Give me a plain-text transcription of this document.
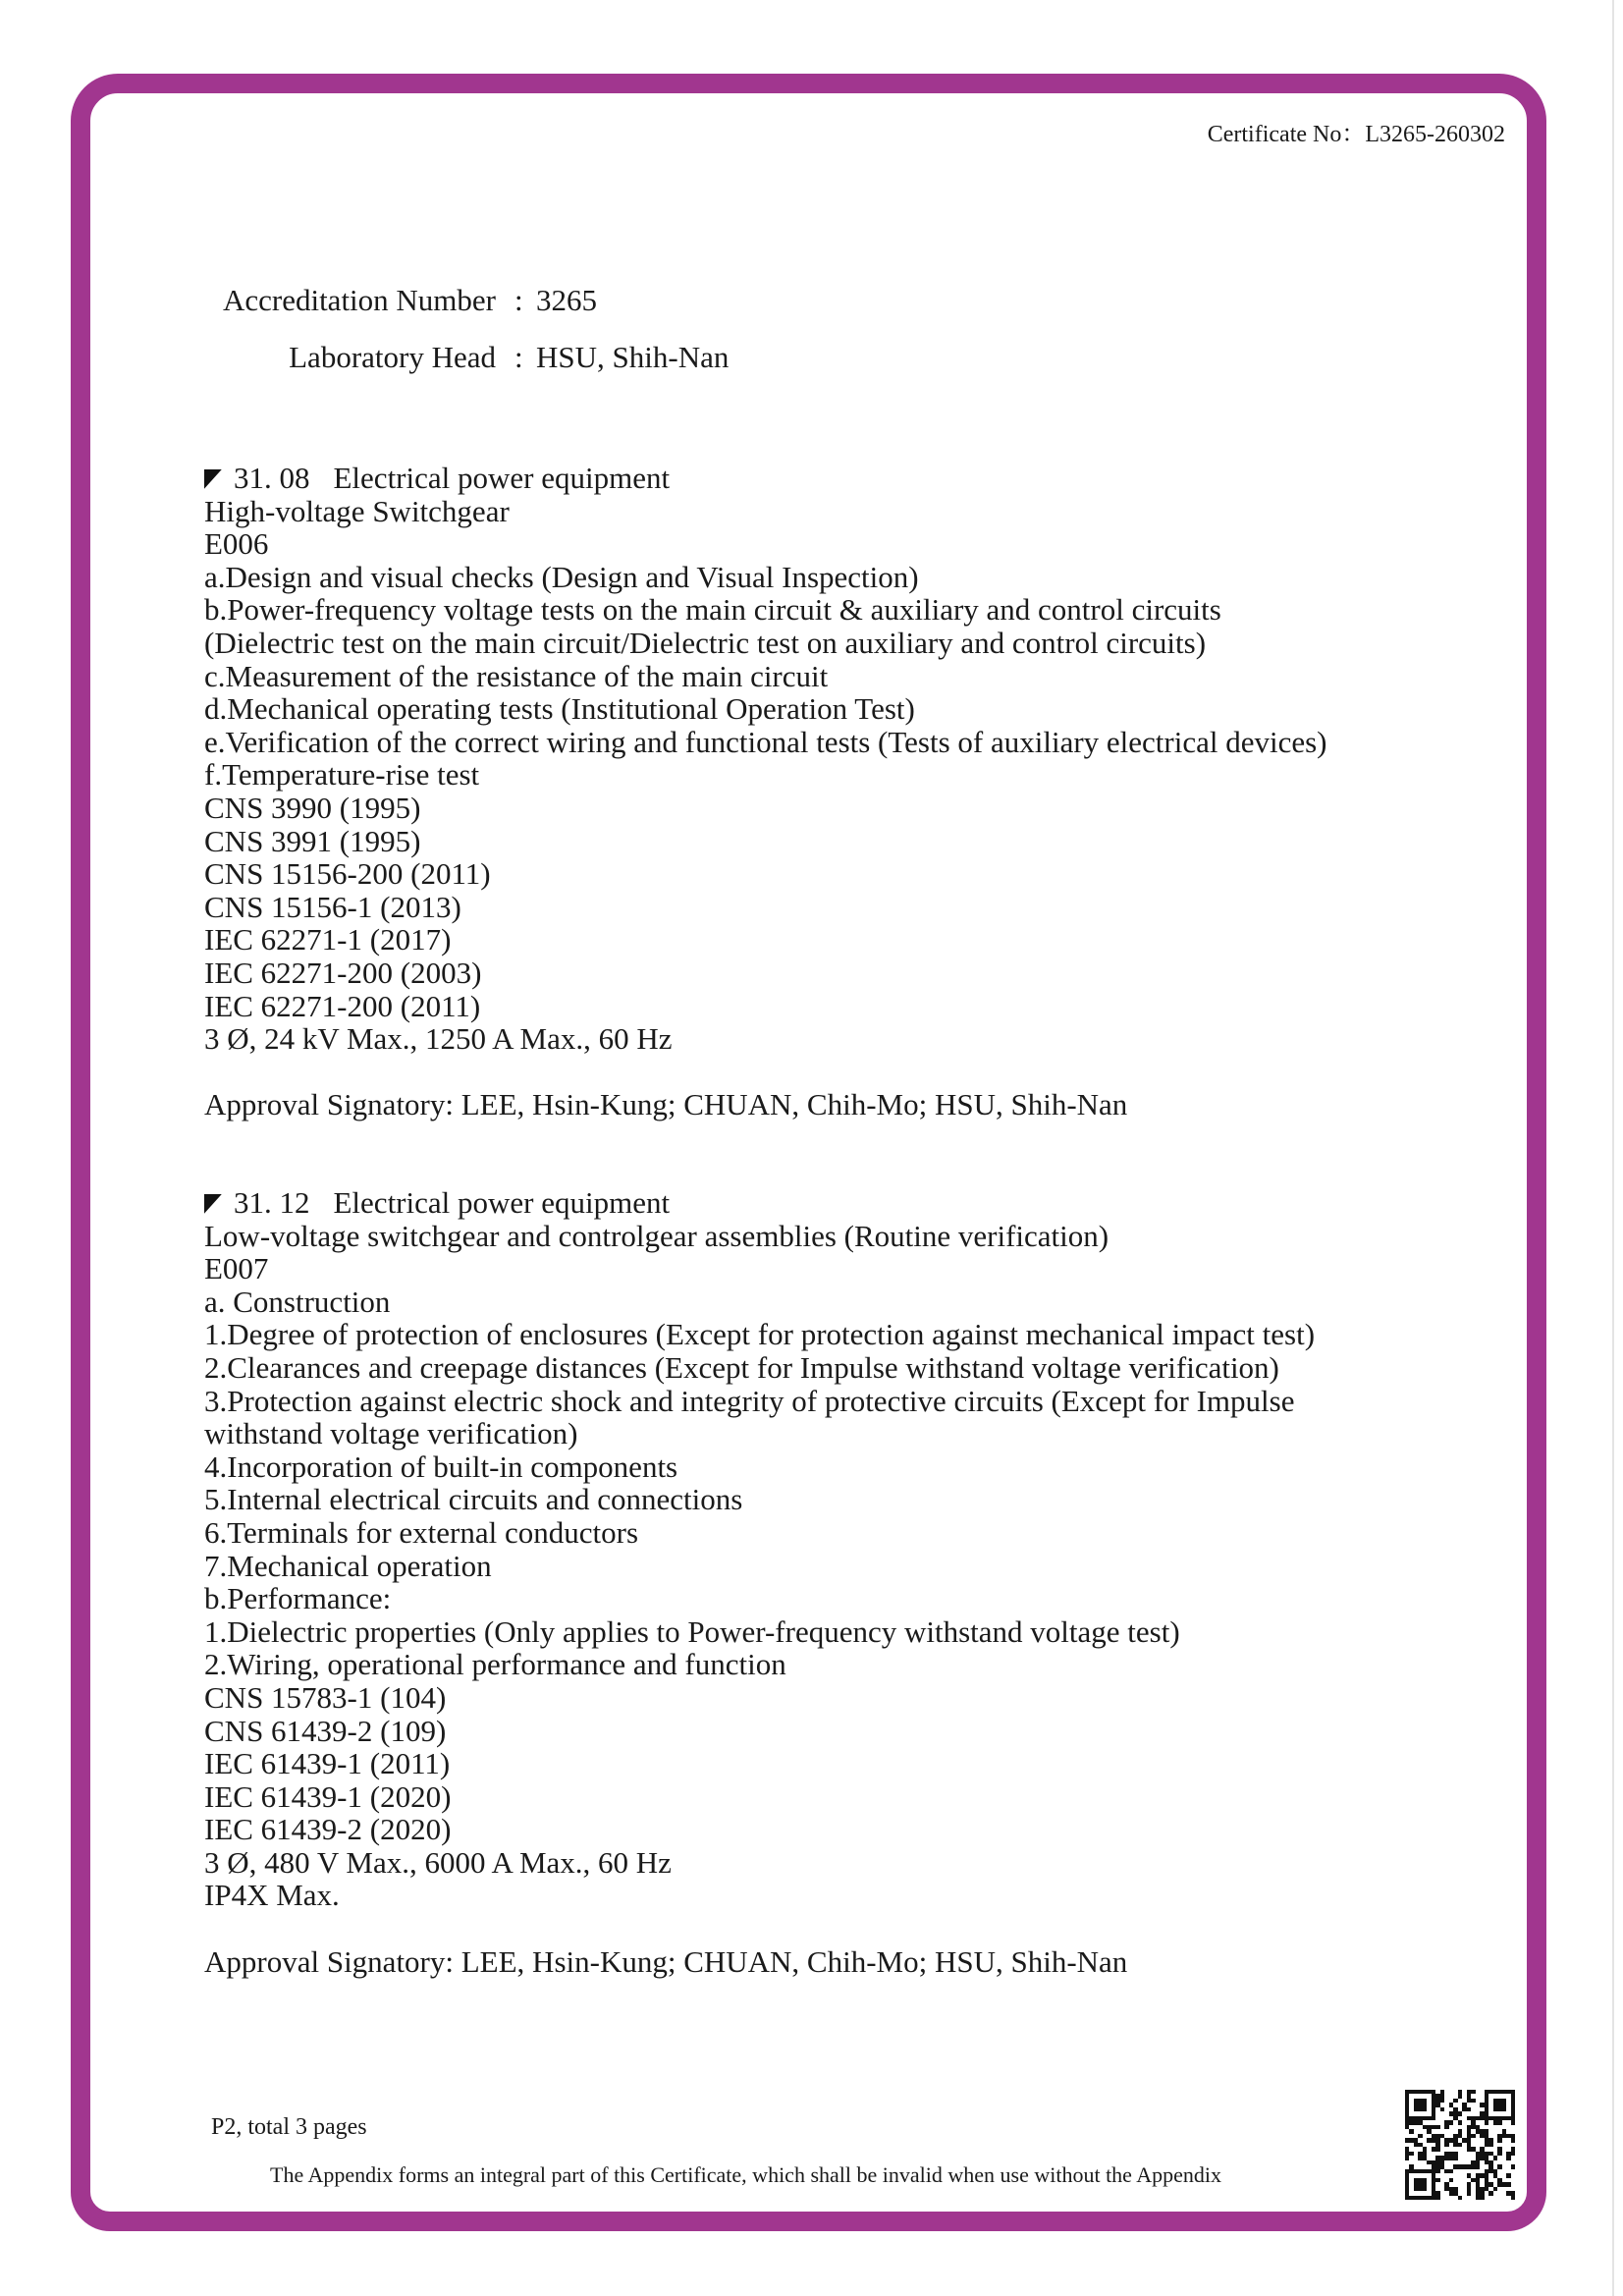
Certificate No：L3265-260302
Accreditation Number : 3265
Laboratory Head : HSU, Shih-Nan
31. 08 Electrical power equipment
High-voltage Switchgear
E006
a.Design and visual checks (Design and Visual Inspection)
b.Power-frequency voltage tests on the main circuit & auxiliary and control circuits
(Dielectric test on the main circuit/Dielectric test on auxiliary and control circuits)
c.Measurement of the resistance of the main circuit
d.Mechanical operating tests (Institutional Operation Test)
e.Verification of the correct wiring and functional tests (Tests of auxiliary electrical devices)
f.Temperature-rise test
CNS 3990 (1995)
CNS 3991 (1995)
CNS 15156-200 (2011)
CNS 15156-1 (2013)
IEC 62271-1 (2017)
IEC 62271-200 (2003)
IEC 62271-200 (2011)
3 Ø, 24 kV Max., 1250 A Max., 60 Hz
Approval Signatory: LEE, Hsin-Kung; CHUAN, Chih-Mo; HSU, Shih-Nan
31. 12 Electrical power equipment
Low-voltage switchgear and controlgear assemblies (Routine verification)
E007
a. Construction
1.Degree of protection of enclosures (Except for protection against mechanical impact test)
2.Clearances and creepage distances (Except for Impulse withstand voltage verification)
3.Protection against electric shock and integrity of protective circuits (Except for Impulse
withstand voltage verification)
4.Incorporation of built-in components
5.Internal electrical circuits and connections
6.Terminals for external conductors
7.Mechanical operation
b.Performance:
1.Dielectric properties (Only applies to Power-frequency withstand voltage test)
2.Wiring, operational performance and function
CNS 15783-1 (104)
CNS 61439-2 (109)
IEC 61439-1 (2011)
IEC 61439-1 (2020)
IEC 61439-2 (2020)
3 Ø, 480 V Max., 6000 A Max., 60 Hz
IP4X Max.
Approval Signatory: LEE, Hsin-Kung; CHUAN, Chih-Mo; HSU, Shih-Nan
P2, total 3 pages
The Appendix forms an integral part of this Certificate, which shall be invalid when use without the Appendix
